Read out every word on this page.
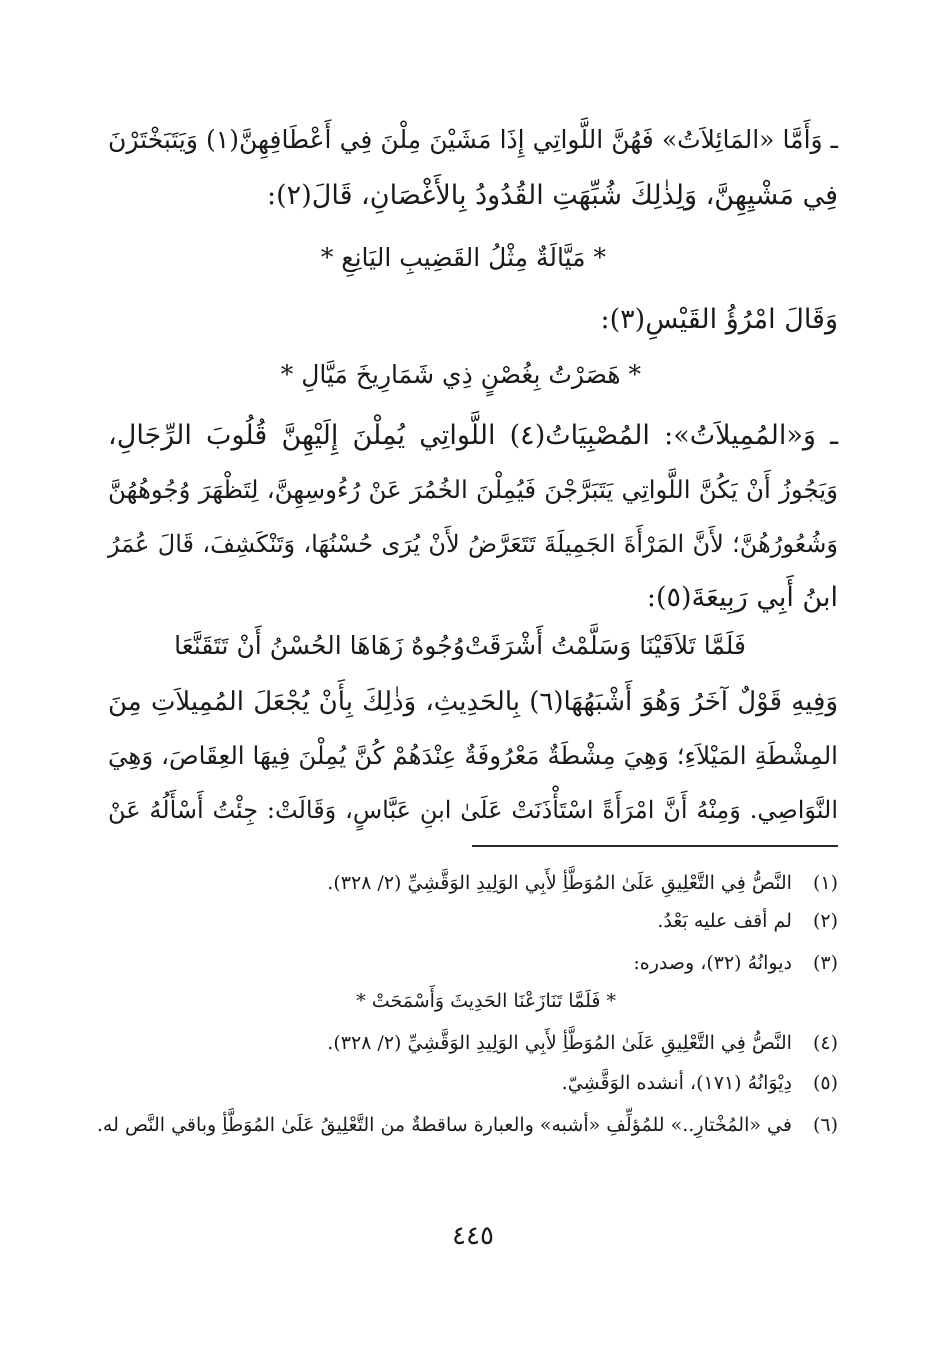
ـ وَأَمَّا «المَائِلاَتُ» فَهُنَّ اللَّواتِي إِذَا مَشَيْنَ مِلْنَ فِي أَعْطَافِهِنَّ(١) وَيَتَبَخْتَرْنَ
فِي مَشْيِهِنَّ، وَلِذٰلِكَ شُبِّهَتِ القُدُودُ بِالأَغْصَانِ، قَالَ(٢):
* مَيَّالَةٌ مِثْلُ القَضِيبِ اليَانِعِ *
وَقَالَ امْرُؤُ القَيْسِ(٣):
* هَصَرْتُ بِغُصْنٍ ذِي شَمَارِيخَ مَيَّالِ *
ـ وَ«المُمِيلاَتُ»: المُصْبِيَاتُ(٤) اللَّواتِي يُمِلْنَ إِلَيْهِنَّ قُلُوبَ الرِّجَالِ،
وَيَجُوزُ أَنْ يَكُنَّ اللَّواتِي يَتَبَرَّجْنَ فَيُمِلْنَ الخُمُرَ عَنْ رُءُوسِهِنَّ، لِتَظْهَرَ وُجُوهُهُنَّ
وَشُعُورُهُنَّ؛ لأَنَّ المَرْأَةَ الجَمِيلَةَ تَتَعَرَّضُ لأَنْ يُرَى حُسْنُهَا، وَتَنْكَشِفَ، قَالَ عُمَرُ
ابنُ أَبِي رَبِيعَةَ(٥):
فَلَمَّا تَلاَقَيْنَا وَسَلَّمْتُ أَشْرَقَتْ
وُجُوهٌ زَهَاهَا الحُسْنُ أَنْ تَتَقَنَّعَا
وَفِيهِ قَوْلٌ آخَرُ وَهُوَ أَشْبَهُهَا(٦) بِالحَدِيثِ، وَذٰلِكَ بِأَنْ يُجْعَلَ المُمِيلاَتِ مِنَ
المِشْطَةِ المَيْلاَءِ؛ وَهِيَ مِشْطَةٌ مَعْرُوفَةٌ عِنْدَهُمْ كُنَّ يُمِلْنَ فِيهَا العِقَاصَ، وَهِيَ
النَّوَاصِي. وَمِنْهُ أَنَّ امْرَأَةً اسْتَأْذَنَتْ عَلَىٰ ابنِ عَبَّاسٍ، وَقَالَتْ: جِئْتُ أَسْأَلُهُ عَنْ
(١) النَّصُّ فِي التَّعْلِيقِ عَلَىٰ المُوَطَّأِ لأَبِي الوَلِيدِ الوَقَّشِيِّ (٢/ ٣٢٨).
(٢) لم أقف عليه بَعْدُ.
(٣) ديوانُهُ (٣٢)، وصدره:
* فَلَمَّا تَنَازَعْنَا الحَدِيثَ وَأَسْمَحَتْ *
(٤) النَّصُّ فِي التَّعْلِيقِ عَلَىٰ المُوَطَّأِ لأَبِي الوَلِيدِ الوَقَّشِيِّ (٢/ ٣٢٨).
(٥) دِيْوَانُهُ (١٧١)، أنشده الوَقَّشِيّ.
(٦) في «المُخْتارِ..» للمُؤلِّفِ «أشبه» والعبارة ساقطةٌ من التَّعْلِيقُ عَلَىٰ المُوَطَّأِ وباقي النَّص له.
٤٤٥
